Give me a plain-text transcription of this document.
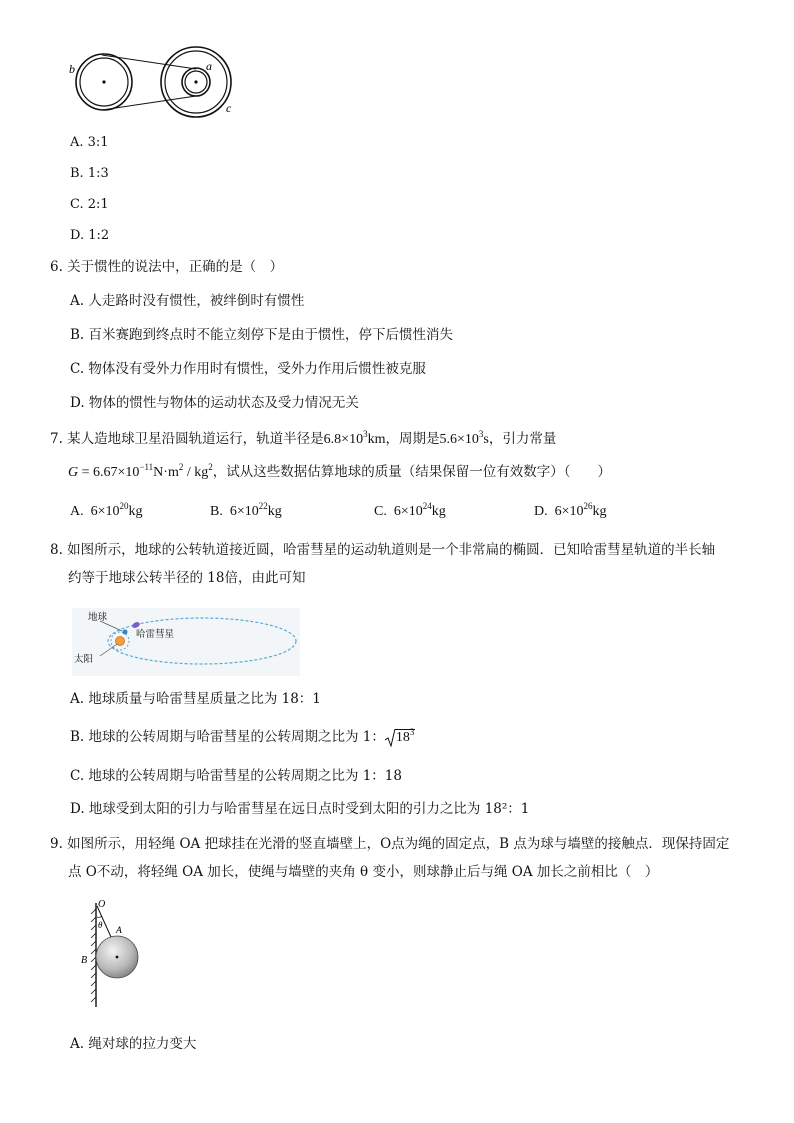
b	a
c
A. 3:1
B. 1:3
C. 2:1
D. 1:2
6. 关于惯性的说法中，正确的是（　）
A. 人走路时没有惯性，被绊倒时有惯性
B. 百米赛跑到终点时不能立刻停下是由于惯性，停下后惯性消失
C. 物体没有受外力作用时有惯性，受外力作用后惯性被克服
D. 物体的惯性与物体的运动状态及受力情况无关
7. 某人造地球卫星沿圆轨道运行，轨道半径是$6.8\times 10^3km$，周期是$5.6\times 10^3s$，引力常量
$G = 6.67\times 10^{-11}N\cdot m^2 / kg^2$，试从这些数据估算地球的质量（结果保留一位有效数字）（　　）
A.  $6\times 10^{20}kg$	B.  $6\times 10^{22}kg$	C.  $6\times 10^{24}kg$	D.  $6\times 10^{26}kg$
8. 如图所示，地球的公转轨道接近圆，哈雷彗星的运动轨道则是一个非常扁的椭圆．已知哈雷彗星轨道的半长轴
约等于地球公转半径的 18倍，由此可知
地球
哈雷彗星
太阳
A. 地球质量与哈雷彗星质量之比为 18：1
B. 地球的公转周期与哈雷彗星的公转周期之比为 1： $18^3$
C. 地球的公转周期与哈雷彗星的公转周期之比为 1：18
D. 地球受到太阳的引力与哈雷彗星在远日点时受到太阳的引力之比为 18²：1
9. 如图所示，用轻绳 OA 把球挂在光滑的竖直墙壁上，O点为绳的固定点，B 点为球与墙壁的接触点．现保持固定
点 O不动，将轻绳 OA 加长，使绳与墙壁的夹角 θ 变小，则球静止后与绳 OA 加长之前相比（　）
O
θ
A
B
A. 绳对球的拉力变大
